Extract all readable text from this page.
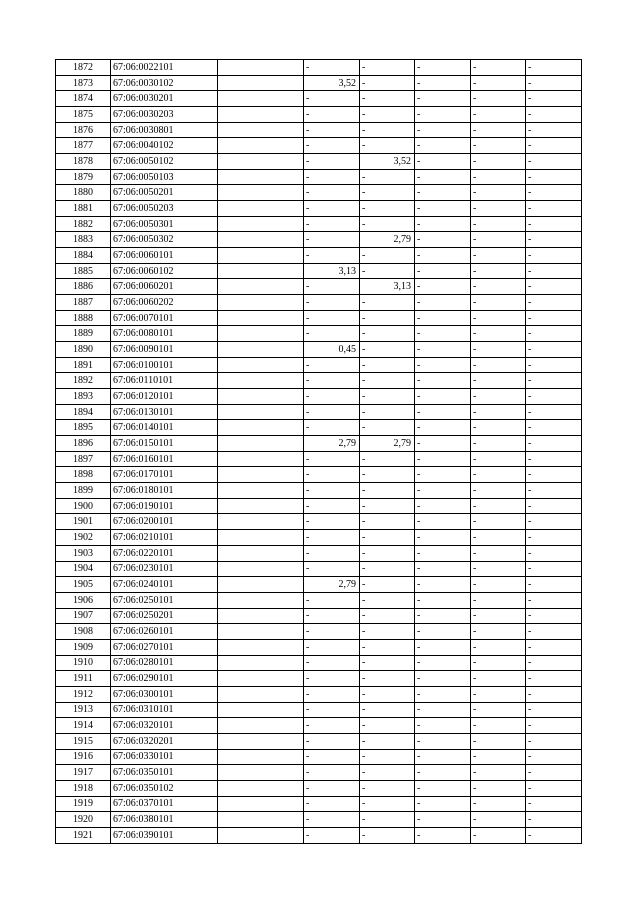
1872	67:06:0022101		-	-	-	-	-

1873	67:06:0030102		3,52	-	-	-	-

1874	67:06:0030201		-	-	-	-	-

1875	67:06:0030203		-	-	-	-	-

1876	67:06:0030801		-	-	-	-	-

1877	67:06:0040102		-	-	-	-	-

1878	67:06:0050102		-	3,52	-	-	-

1879	67:06:0050103		-	-	-	-	-

1880	67:06:0050201		-	-	-	-	-

1881	67:06:0050203		-	-	-	-	-

1882	67:06:0050301		-	-	-	-	-

1883	67:06:0050302		-	2,79	-	-	-

1884	67:06:0060101		-	-	-	-	-

1885	67:06:0060102		3,13	-	-	-	-

1886	67:06:0060201		-	3,13	-	-	-

1887	67:06:0060202		-	-	-	-	-

1888	67:06:0070101		-	-	-	-	-

1889	67:06:0080101		-	-	-	-	-

1890	67:06:0090101		0,45	-	-	-	-

1891	67:06:0100101		-	-	-	-	-

1892	67:06:0110101		-	-	-	-	-

1893	67:06:0120101		-	-	-	-	-

1894	67:06:0130101		-	-	-	-	-

1895	67:06:0140101		-	-	-	-	-

1896	67:06:0150101		2,79	2,79	-	-	-

1897	67:06:0160101		-	-	-	-	-

1898	67:06:0170101		-	-	-	-	-

1899	67:06:0180101		-	-	-	-	-

1900	67:06:0190101		-	-	-	-	-

1901	67:06:0200101		-	-	-	-	-

1902	67:06:0210101		-	-	-	-	-

1903	67:06:0220101		-	-	-	-	-

1904	67:06:0230101		-	-	-	-	-

1905	67:06:0240101		2,79	-	-	-	-

1906	67:06:0250101		-	-	-	-	-

1907	67:06:0250201		-	-	-	-	-

1908	67:06:0260101		-	-	-	-	-

1909	67:06:0270101		-	-	-	-	-

1910	67:06:0280101		-	-	-	-	-

1911	67:06:0290101		-	-	-	-	-

1912	67:06:0300101		-	-	-	-	-

1913	67:06:0310101		-	-	-	-	-

1914	67:06:0320101		-	-	-	-	-

1915	67:06:0320201		-	-	-	-	-

1916	67:06:0330101		-	-	-	-	-

1917	67:06:0350101		-	-	-	-	-

1918	67:06:0350102		-	-	-	-	-

1919	67:06:0370101		-	-	-	-	-

1920	67:06:0380101		-	-	-	-	-

1921	67:06:0390101		-	-	-	-	-
